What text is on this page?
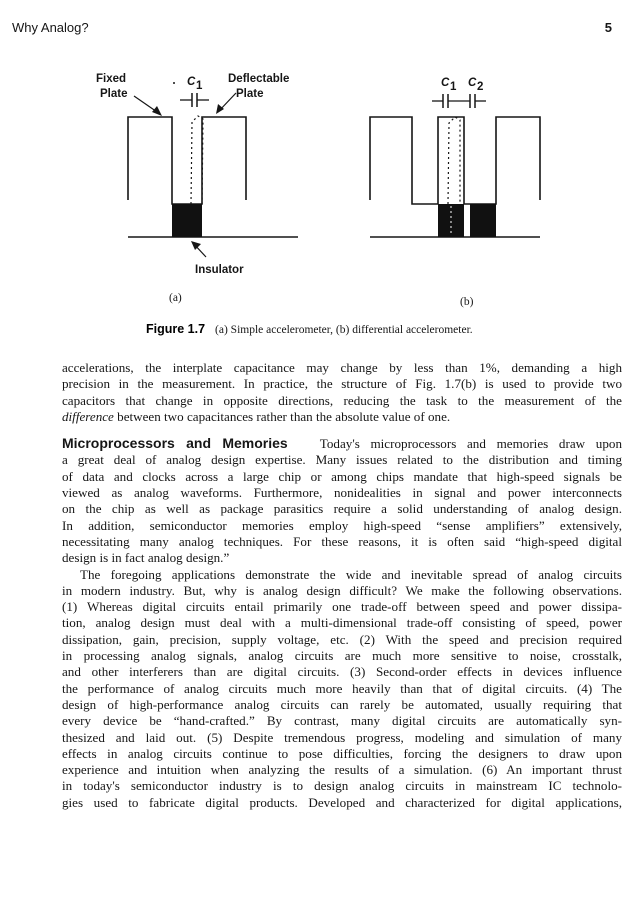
Why Analog?	5
Fixed
Plate
C 1
Deflectable
Plate
Insulator
C 1 C 2
(a)	(b)
Figure 1.7 (a) Simple accelerometer, (b) differential accelerometer.

accelerations, the interplate capacitance may change by less than 1%, demanding a high

precision in the measurement. In practice, the structure of Fig. 1.7(b) is used to provide two

capacitors that change in opposite directions, reducing the task to the measurement of the

difference between two capacitances rather than the absolute value of one.

Microprocessors and Memories Today's microprocessors and memories draw upon

a great deal of analog design expertise. Many issues related to the distribution and timing

of data and clocks across a large chip or among chips mandate that high-speed signals be

viewed as analog waveforms. Furthermore, nonidealities in signal and power interconnects

on the chip as well as package parasitics require a solid understanding of analog design.

In addition, semiconductor memories employ high-speed “sense amplifiers” extensively,

necessitating many analog techniques. For these reasons, it is often said “high-speed digital

design is in fact analog design.”

The foregoing applications demonstrate the wide and inevitable spread of analog circuits

in modern industry. But, why is analog design difficult? We make the following observations.

(1) Whereas digital circuits entail primarily one trade-off between speed and power dissipa-

tion, analog design must deal with a multi-dimensional trade-off consisting of speed, power

dissipation, gain, precision, supply voltage, etc. (2) With the speed and precision required

in processing analog signals, analog circuits are much more sensitive to noise, crosstalk,

and other interferers than are digital circuits. (3) Second-order effects in devices influence

the performance of analog circuits much more heavily than that of digital circuits. (4) The

design of high-performance analog circuits can rarely be automated, usually requiring that

every device be “hand-crafted.” By contrast, many digital circuits are automatically syn-

thesized and laid out. (5) Despite tremendous progress, modeling and simulation of many

effects in analog circuits continue to pose difficulties, forcing the designers to draw upon

experience and intuition when analyzing the results of a simulation. (6) An important thrust

in today's semiconductor industry is to design analog circuits in mainstream IC technolo-

gies used to fabricate digital products. Developed and characterized for digital applications,
